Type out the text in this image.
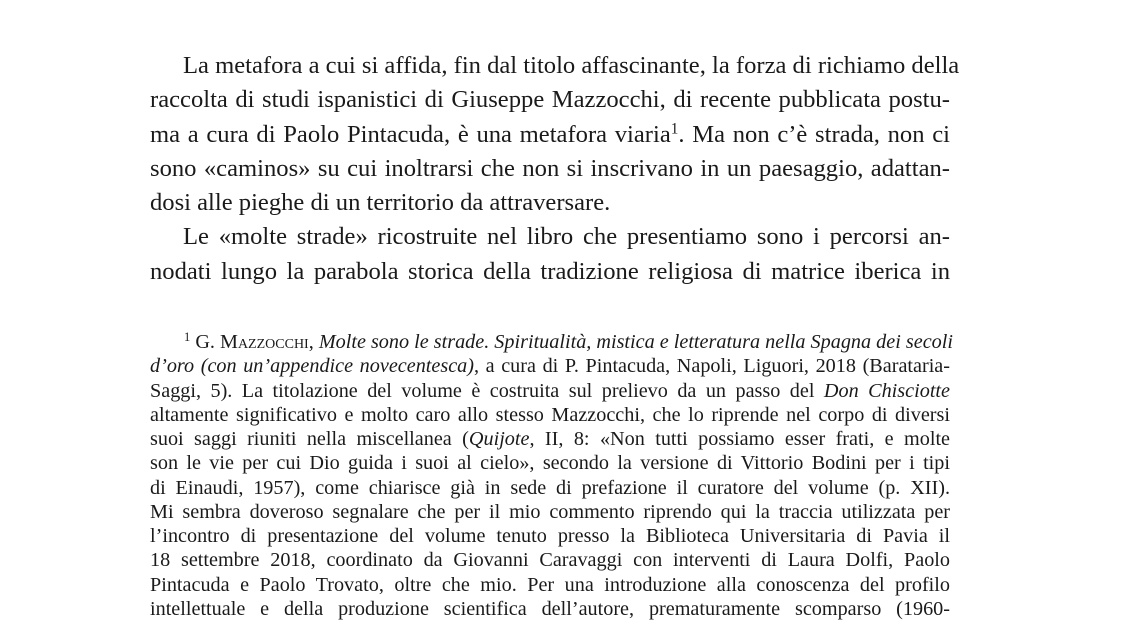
La metafora a cui si affida, fin dal titolo affascinante, la forza di richiamo della
raccolta di studi ispanistici di Giuseppe Mazzocchi, di recente pubblicata postu-
ma a cura di Paolo Pintacuda, è una metafora viaria$^1$. Ma non c’è strada, non ci
sono «caminos» su cui inoltrarsi che non si inscrivano in un paesaggio, adattan-
dosi alle pieghe di un territorio da attraversare.
Le «molte strade» ricostruite nel libro che presentiamo sono i percorsi an-
nodati lungo la parabola storica della tradizione religiosa di matrice iberica in
$^1$ G. Mazzocchi, Molte sono le strade. Spiritualità, mistica e letteratura nella Spagna dei secoli
d’oro (con un’appendice novecentesca), a cura di P. Pintacuda, Napoli, Liguori, 2018 (Barataria-
Saggi, 5). La titolazione del volume è costruita sul prelievo da un passo del Don Chisciotte
altamente significativo e molto caro allo stesso Mazzocchi, che lo riprende nel corpo di diversi
suoi saggi riuniti nella miscellanea (Quijote, II, 8: «Non tutti possiamo esser frati, e molte
son le vie per cui Dio guida i suoi al cielo», secondo la versione di Vittorio Bodini per i tipi
di Einaudi, 1957), come chiarisce già in sede di prefazione il curatore del volume (p. XII).
Mi sembra doveroso segnalare che per il mio commento riprendo qui la traccia utilizzata per
l’incontro di presentazione del volume tenuto presso la Biblioteca Universitaria di Pavia il
18 settembre 2018, coordinato da Giovanni Caravaggi con interventi di Laura Dolfi, Paolo
Pintacuda e Paolo Trovato, oltre che mio. Per una introduzione alla conoscenza del profilo
intellettuale e della produzione scientifica dell’autore, prematuramente scomparso (1960-
